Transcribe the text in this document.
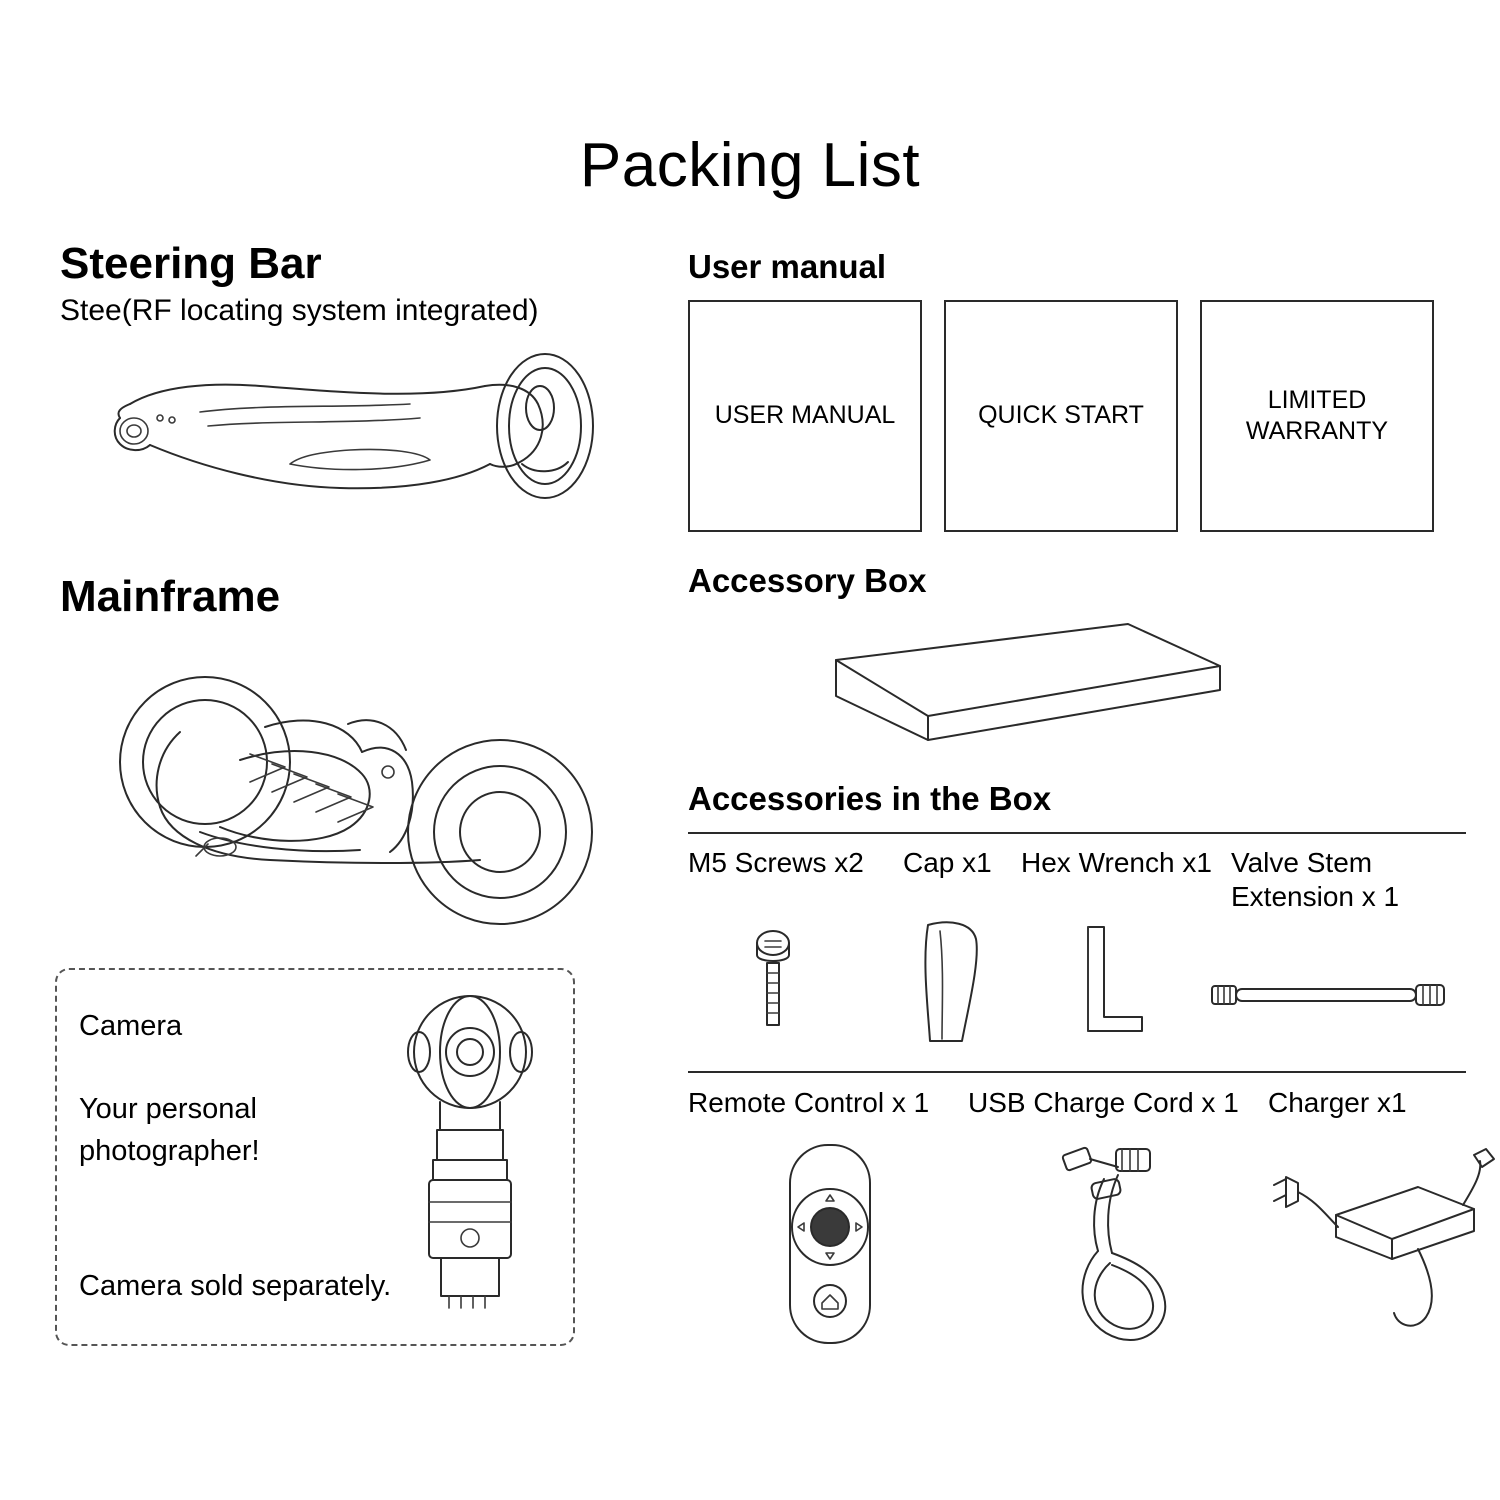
Packing List
Steering Bar
Stee(RF locating system integrated)
Mainframe
Camera
Your personal photographer!
Camera sold separately.
User manual
USER MANUAL	QUICK START
LIMITED WARRANTY
Accessory Box
Accessories in the Box
M5 Screws x2	Cap x1	Hex Wrench x1 Valve Stem Extension x 1
Remote Control x 1	USB Charge Cord x 1	Charger x1
